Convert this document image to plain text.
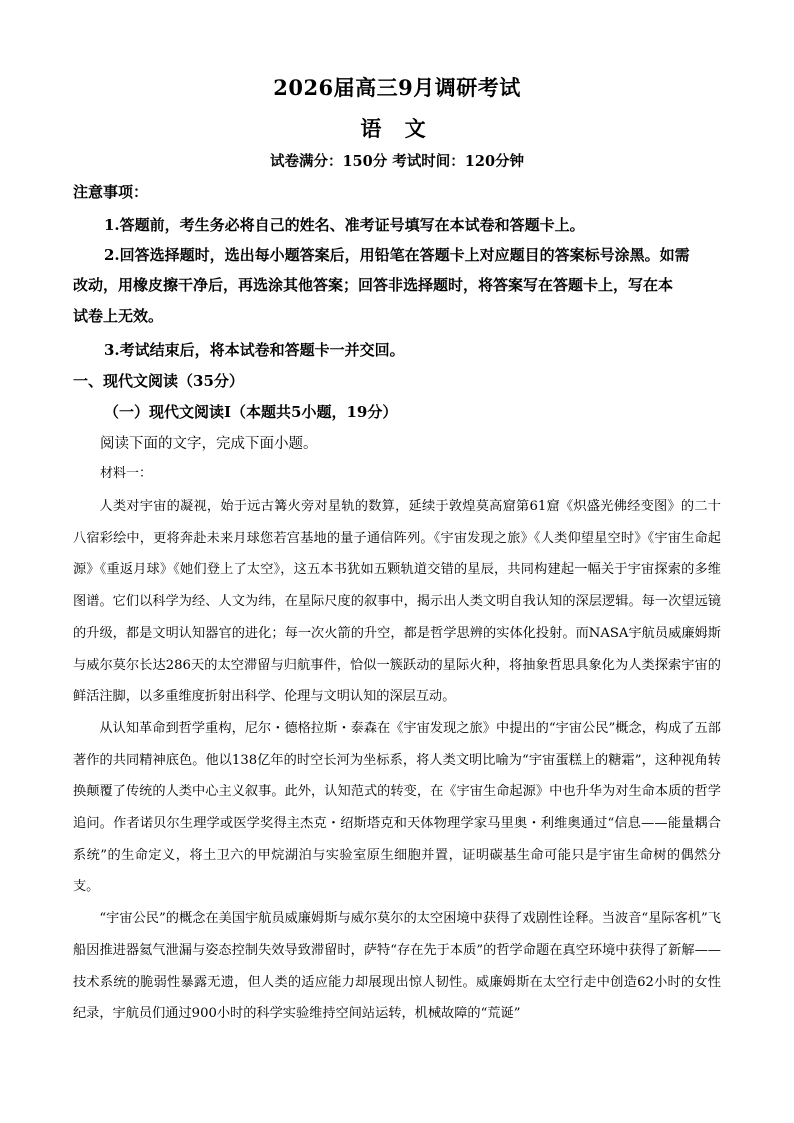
2026届高三9月调研考试
语 文
试卷满分：150分 考试时间：120分钟
注意事项：
1.答题前，考生务必将自己的姓名、准考证号填写在本试卷和答题卡上。
2.回答选择题时，选出每小题答案后，用铅笔在答题卡上对应题目的答案标号涂黑。如需
改动，用橡皮擦干净后，再选涂其他答案；回答非选择题时，将答案写在答题卡上，写在本
试卷上无效。
3.考试结束后，将本试卷和答题卡一并交回。
一、现代文阅读（35分）
（一）现代文阅读Ⅰ（本题共5小题，19分）
阅读下面的文字，完成下面小题。
材料一：

人类对宇宙的凝视，始于远古篝火旁对星轨的数算，延续于敦煌莫高窟第61窟《炽盛光佛经变图》的二十八宿彩绘中，更将奔赴未来月球您若宫基地的量子通信阵列。《宇宙发现之旅》《人类仰望星空时》《宇宙生命起源》《重返月球》《她们登上了太空》，这五本书犹如五颗轨道交错的星辰，共同构建起一幅关于宇宙探索的多维图谱。它们以科学为经、人文为纬，在星际尺度的叙事中，揭示出人类文明自我认知的深层逻辑。每一次望远镜的升级，都是文明认知器官的进化；每一次火箭的升空，都是哲学思辨的实体化投射。而NASA宇航员威廉姆斯与威尔莫尔长达286天的太空滞留与归航事件，恰似一簇跃动的星际火种，将抽象哲思具象化为人类探索宇宙的鲜活注脚，以多重维度折射出科学、伦理与文明认知的深层互动。

从认知革命到哲学重构，尼尔・德格拉斯・泰森在《宇宙发现之旅》中提出的“宇宙公民”概念，构成了五部著作的共同精神底色。他以138亿年的时空长河为坐标系，将人类文明比喻为“宇宙蛋糕上的糖霜”，这种视角转换颠覆了传统的人类中心主义叙事。此外，认知范式的转变，在《宇宙生命起源》中也升华为对生命本质的哲学追问。作者诺贝尔生理学或医学奖得主杰克・绍斯塔克和天体物理学家马里奥・利维奥通过“信息——能量耦合系统”的生命定义，将土卫六的甲烷湖泊与实验室原生细胞并置，证明碳基生命可能只是宇宙生命树的偶然分支。

“宇宙公民”的概念在美国宇航员威廉姆斯与威尔莫尔的太空困境中获得了戏剧性诠释。当波音“星际客机”飞船因推进器氦气泄漏与姿态控制失效导致滞留时，萨特“存在先于本质”的哲学命题在真空环境中获得了新解——技术系统的脆弱性暴露无遗，但人类的适应能力却展现出惊人韧性。威廉姆斯在太空行走中创造62小时的女性纪录，宇航员们通过900小时的科学实验维持空间站运转，机械故障的“荒诞”
